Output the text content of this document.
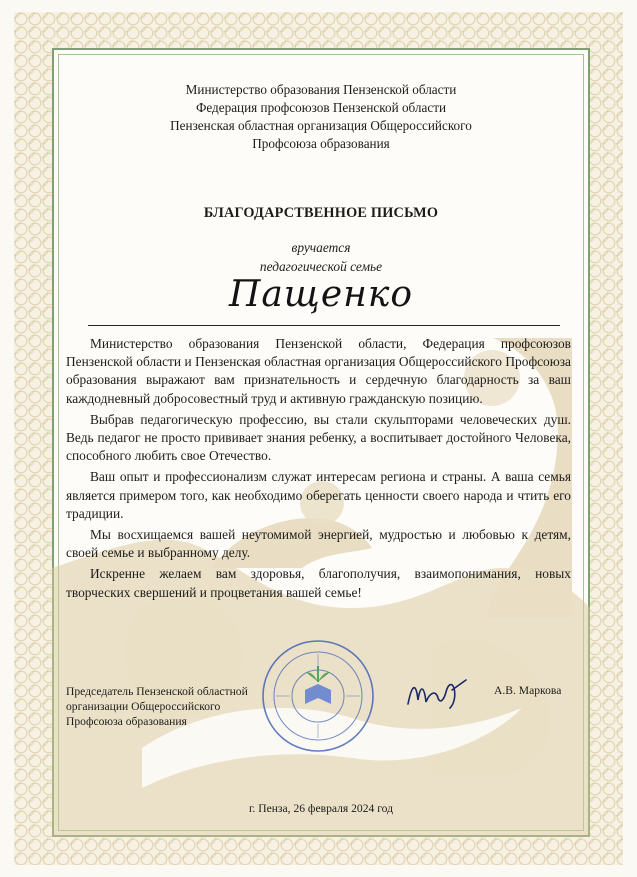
Министерство образования Пензенской области
Федерация профсоюзов Пензенской области
Пензенская областная организация Общероссийского
Профсоюза образования
БЛАГОДАРСТВЕННОЕ ПИСЬМО
вручается
педагогической семье
Пащенко

Министерство образования Пензенской области, Федерация профсоюзов Пензенской области и Пензенская областная организация Общероссийского Профсоюза образования выражают вам признательность и сердечную благодарность за ваш каждодневный добросовестный труд и активную гражданскую позицию.

Выбрав педагогическую профессию, вы стали скульпторами человеческих душ. Ведь педагог не просто прививает знания ребенку, а воспитывает достойного Человека, способного любить свое Отечество.

Ваш опыт и профессионализм служат интересам региона и страны. А ваша семья является примером того, как необходимо оберегать ценности своего народа и чтить его традиции.

Мы восхищаемся вашей неутомимой энергией, мудростью и любовью к детям, своей семье и выбранному делу.

Искренне желаем вам здоровья, благополучия, взаимопонимания, новых творческих свершений и процветания вашей семье!

Председатель Пензенской областной
организации Общероссийского
Профсоюза образования
А.В. Маркова
г. Пенза, 26 февраля 2024 год
